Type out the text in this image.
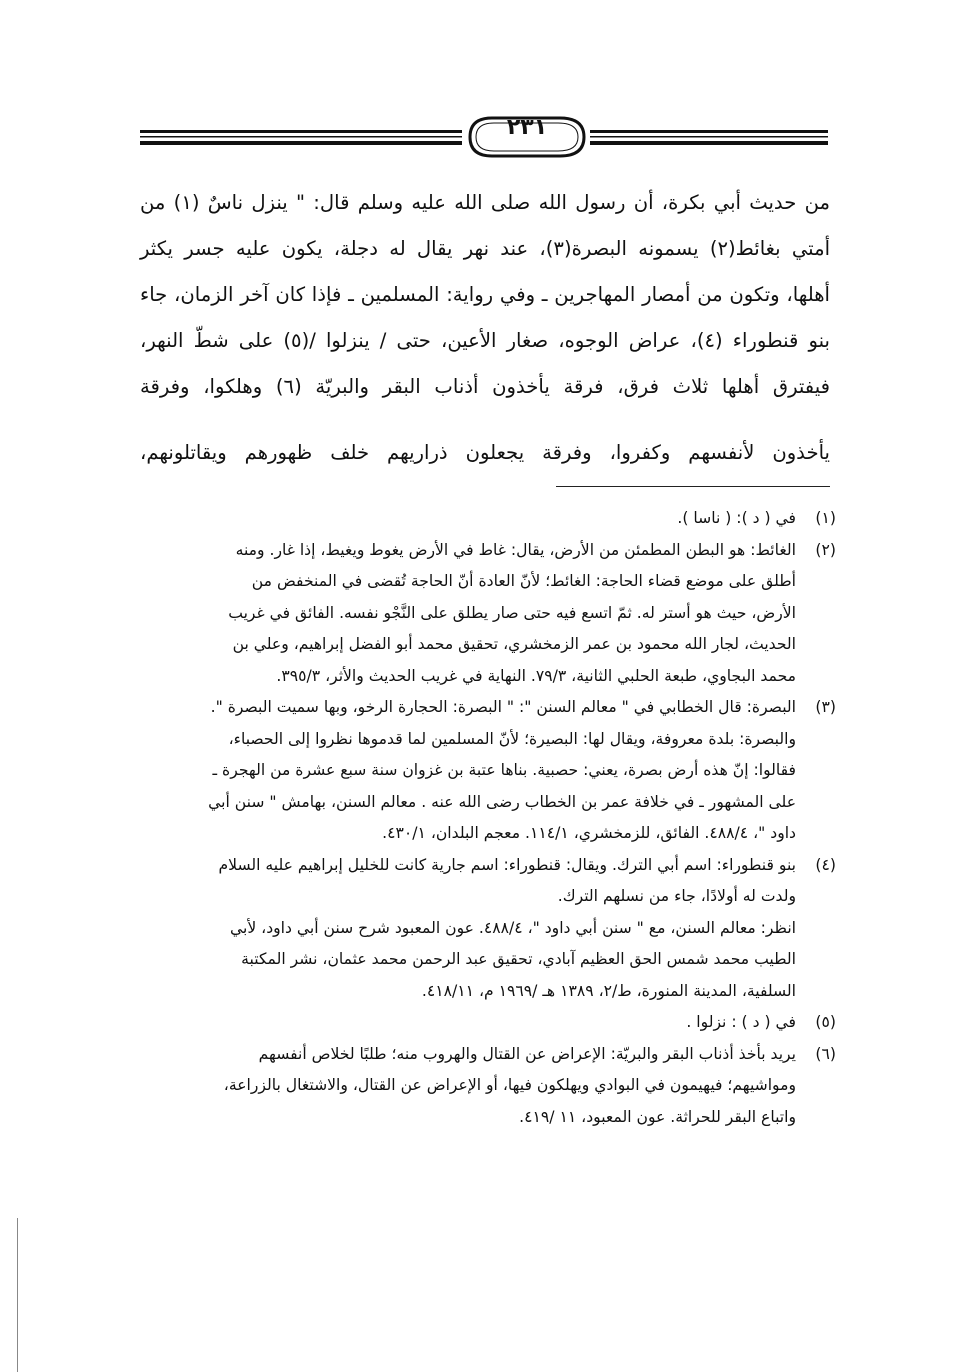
٢٣١
من حديث أبي بكرة، أن رسول الله صلى الله عليه وسلم قال: " ينزل ناسٌ (١) من
أمتي بغائط(٢) يسمونه البصرة(٣)، عند نهر يقال له دجلة، يكون عليه جسر يكثر
أهلها، وتكون من أمصار المهاجرين ـ وفي رواية: المسلمين ـ فإذا كان آخر الزمان، جاء
بنو قنطوراء (٤)، عراض الوجوه، صغار الأعين، حتى / ينزلوا /(٥) على شطّ النهر،
فيفترق أهلها ثلاث فرق، فرقة يأخذون أذناب البقر والبريّة (٦) وهلكوا، وفرقة
يأخذون لأنفسهم وكفروا، وفرقة يجعلون ذراريهم خلف ظهورهم ويقاتلونهم،
(١)
في ( د ): ( ناسا ).
(٢)
الغائط: هو البطن المطمئن من الأرض، يقال: غاط في الأرض يغوط ويغيط، إذا غار. ومنه
أطلق على موضع قضاء الحاجة: الغائط؛ لأنّ العادة أنّ الحاجة تُقضى في المنخفض من
الأرض، حيث هو أستر له. ثمّ اتسع فيه حتى صار يطلق على النَّجْو نفسه. الفائق في غريب
الحديث، لجار الله محمود بن عمر الزمخشري، تحقيق محمد أبو الفضل إبراهيم، وعلي بن
محمد البجاوي، طبعة الحلبي الثانية، ٧٩/٣. النهاية في غريب الحديث والأثر، ٣٩٥/٣.
(٣)
البصرة: قال الخطابي في " معالم السنن ": " البصرة: الحجارة الرخو، وبها سميت البصرة ".
والبصرة: بلدة معروفة، ويقال لها: البصيرة؛ لأنّ المسلمين لما قدموها نظروا إلى الحصباء،
فقالوا: إنّ هذه أرض بصرة، يعني: حصبية. بناها عتبة بن غزوان سنة سبع عشرة من الهجرة ـ
على المشهور ـ في خلافة عمر بن الخطاب رضى الله عنه . معالم السنن، بهامش " سنن أبي
داود "، ٤٨٨/٤. الفائق، للزمخشري، ١١٤/١. معجم البلدان، ٤٣٠/١.
(٤)
بنو قنطوراء: اسم أبي الترك. ويقال: قنطوراء: اسم جارية كانت للخليل إبراهيم عليه السلام
ولدت له أولادًا، جاء من نسلهم الترك.
انظر: معالم السنن، مع " سنن أبي داود "، ٤٨٨/٤. عون المعبود شرح سنن أبي داود، لأبي
الطيب محمد شمس الحق العظيم آبادي، تحقيق عبد الرحمن محمد عثمان، نشر المكتبة
السلفية، المدينة المنورة، ط/٢، ١٣٨٩ هـ /١٩٦٩ م، ٤١٨/١١.
(٥)
في ( د ) : نزلوا .
(٦)
يريد بأخذ أذناب البقر والبريّة: الإعراض عن القتال والهروب منه؛ طلبًا لخلاص أنفسهم
ومواشيهم؛ فيهيمون في البوادي ويهلكون فيها، أو الإعراض عن القتال، والاشتغال بالزراعة،
واتباع البقر للحراثة. عون المعبود، ١١ /٤١٩.
